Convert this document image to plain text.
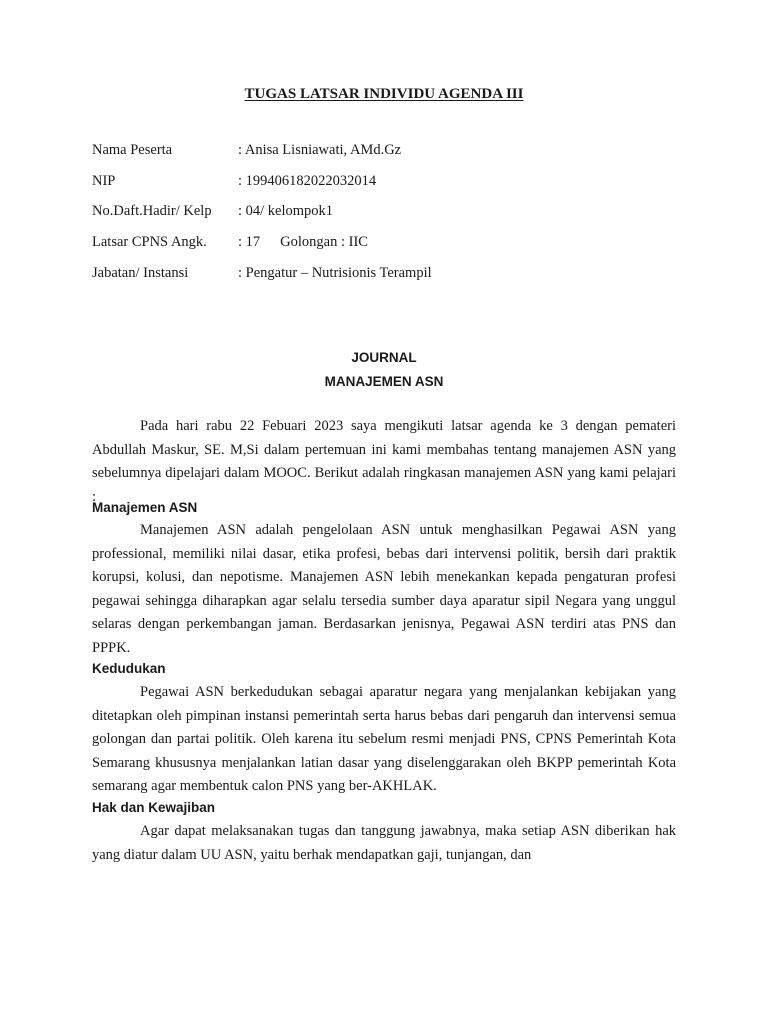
TUGAS LATSAR INDIVIDU AGENDA III
Nama Peserta	: Anisa Lisniawati, AMd.Gz
NIP	: 199406182022032014
No.Daft.Hadir/ Kelp : 04/ kelompok1
Latsar CPNS Angk. : 17 Golongan : IIC
Jabatan/ Instansi	: Pengatur – Nutrisionis Terampil
JOURNAL
MANAJEMEN ASN

Pada hari rabu 22 Febuari 2023 saya mengikuti latsar agenda ke 3 dengan pemateri Abdullah Maskur, SE. M,Si dalam pertemuan ini kami membahas tentang manajemen ASN yang sebelumnya dipelajari dalam MOOC. Berikut adalah ringkasan manajemen ASN yang kami pelajari :

Manajemen ASN

Manajemen ASN adalah pengelolaan ASN untuk menghasilkan Pegawai ASN yang professional, memiliki nilai dasar, etika profesi, bebas dari intervensi politik, bersih dari praktik korupsi, kolusi, dan nepotisme. Manajemen ASN lebih menekankan kepada pengaturan profesi pegawai sehingga diharapkan agar selalu tersedia sumber daya aparatur sipil Negara yang unggul selaras dengan perkembangan jaman. Berdasarkan jenisnya, Pegawai ASN terdiri atas PNS dan PPPK.

Kedudukan

Pegawai ASN berkedudukan sebagai aparatur negara yang menjalankan kebijakan yang ditetapkan oleh pimpinan instansi pemerintah serta harus bebas dari pengaruh dan intervensi semua golongan dan partai politik. Oleh karena itu sebelum resmi menjadi PNS, CPNS Pemerintah Kota Semarang khususnya menjalankan latian dasar yang diselenggarakan oleh BKPP pemerintah Kota semarang agar membentuk calon PNS yang ber-AKHLAK.

Hak dan Kewajiban

Agar dapat melaksanakan tugas dan tanggung jawabnya, maka setiap ASN diberikan hak yang diatur dalam UU ASN, yaitu berhak mendapatkan gaji, tunjangan, dan
